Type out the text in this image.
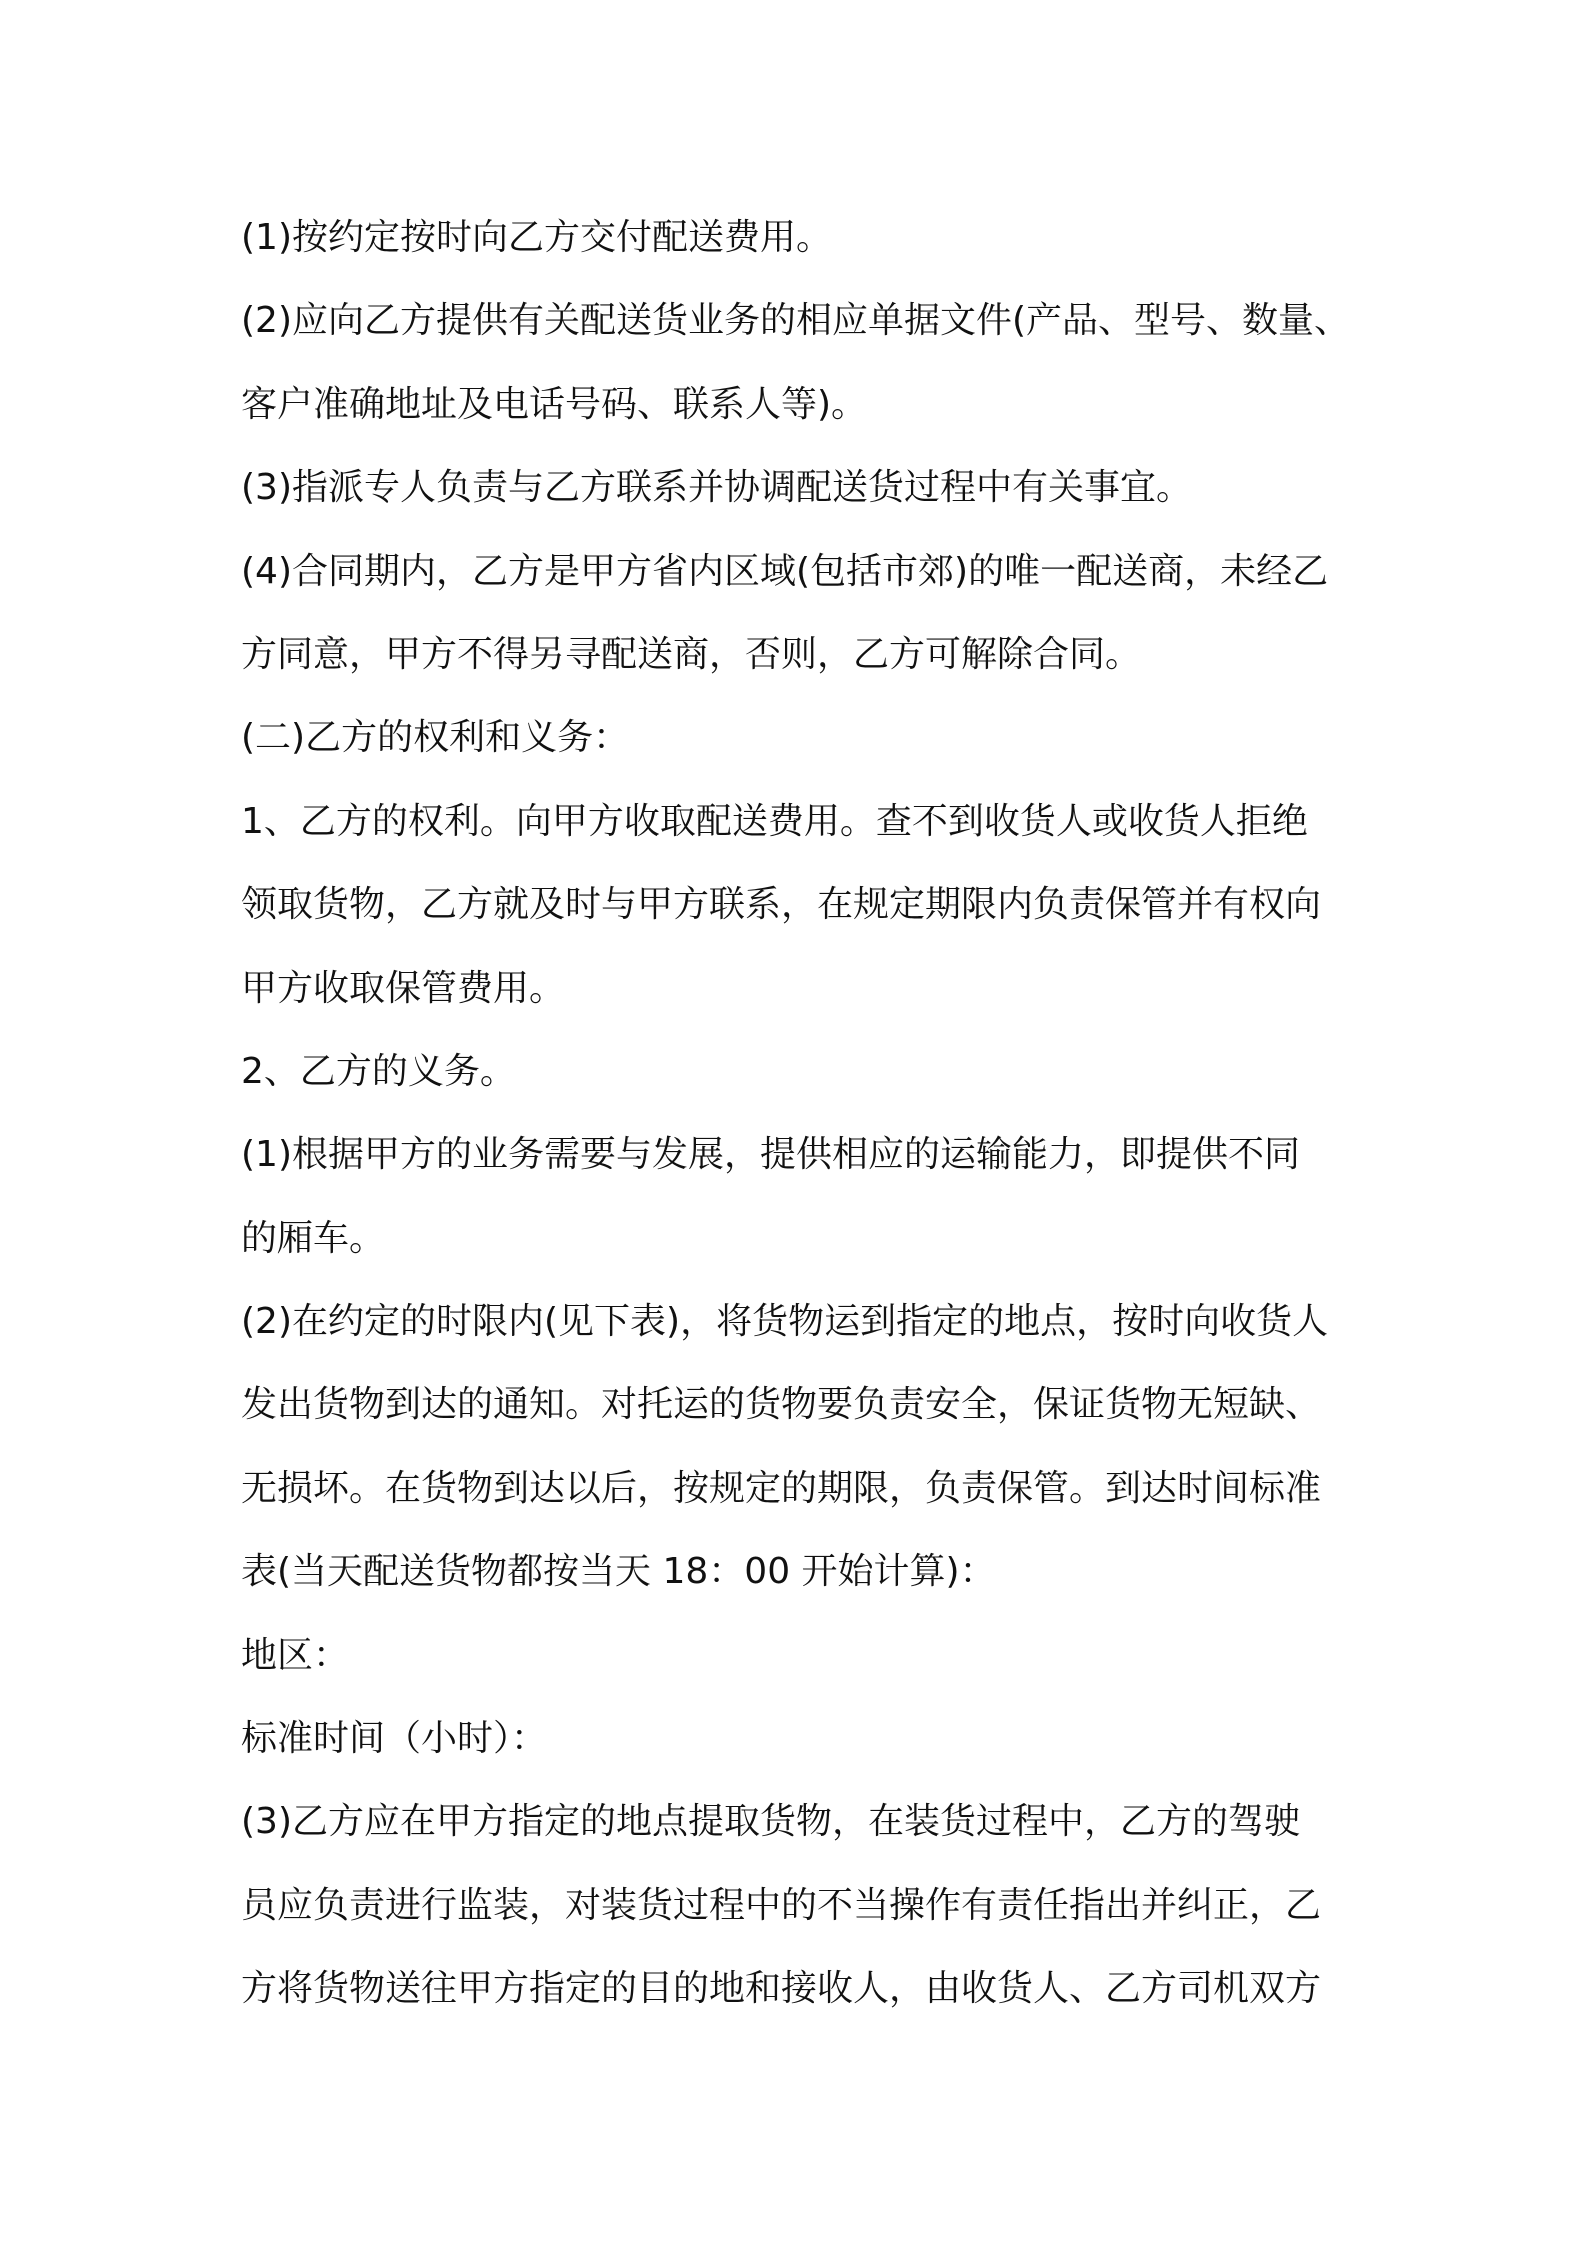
(1)按约定按时向乙方交付配送费用。
(2)应向乙方提供有关配送货业务的相应单据文件(产品、型号、数量、
客户准确地址及电话号码、联系人等)。
(3)指派专人负责与乙方联系并协调配送货过程中有关事宜。
(4)合同期内，乙方是甲方省内区域(包括市郊)的唯一配送商，未经乙
方同意，甲方不得另寻配送商，否则，乙方可解除合同。
(二)乙方的权利和义务：
1、乙方的权利。向甲方收取配送费用。查不到收货人或收货人拒绝
领取货物，乙方就及时与甲方联系，在规定期限内负责保管并有权向
甲方收取保管费用。
2、乙方的义务。
(1)根据甲方的业务需要与发展，提供相应的运输能力，即提供不同
的厢车。
(2)在约定的时限内(见下表)，将货物运到指定的地点，按时向收货人
发出货物到达的通知。对托运的货物要负责安全，保证货物无短缺、
无损坏。在货物到达以后，按规定的期限，负责保管。到达时间标准
表(当天配送货物都按当天 18：00 开始计算)：
地区：
标准时间（小时）：
(3)乙方应在甲方指定的地点提取货物，在装货过程中，乙方的驾驶
员应负责进行监装，对装货过程中的不当操作有责任指出并纠正，乙
方将货物送往甲方指定的目的地和接收人，由收货人、乙方司机双方
